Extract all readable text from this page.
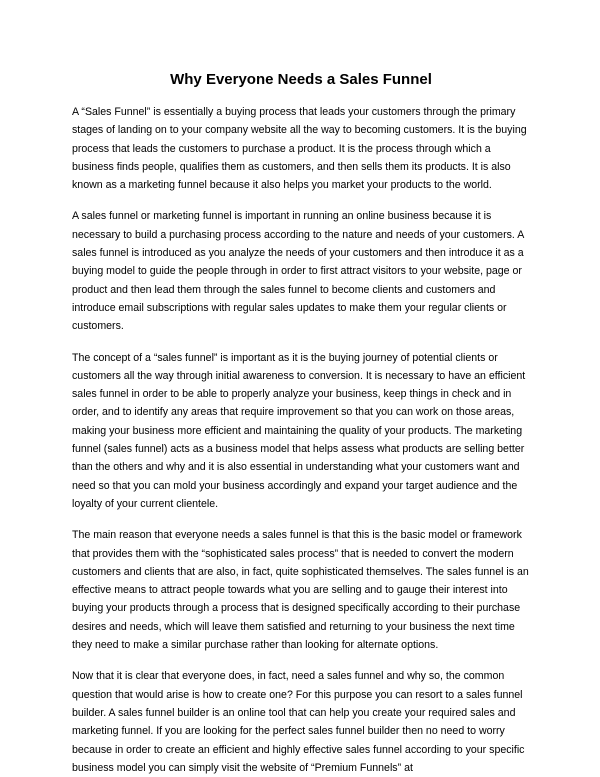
Why Everyone Needs a Sales Funnel

A “Sales Funnel” is essentially a buying process that leads your customers through the primary stages of landing on to your company website all the way to becoming customers. It is the buying process that leads the customers to purchase a product. It is the process through which a business finds people, qualifies them as customers, and then sells them its products. It is also known as a marketing funnel because it also helps you market your products to the world.

A sales funnel or marketing funnel is important in running an online business because it is necessary to build a purchasing process according to the nature and needs of your customers. A sales funnel is introduced as you analyze the needs of your customers and then introduce it as a buying model to guide the people through in order to first attract visitors to your website, page or product and then lead them through the sales funnel to become clients and customers and introduce email subscriptions with regular sales updates to make them your regular clients or customers.

The concept of a “sales funnel” is important as it is the buying journey of potential clients or customers all the way through initial awareness to conversion. It is necessary to have an efficient sales funnel in order to be able to properly analyze your business, keep things in check and in order, and to identify any areas that require improvement so that you can work on those areas, making your business more efficient and maintaining the quality of your products. The marketing funnel (sales funnel) acts as a business model that helps assess what products are selling better than the others and why and it is also essential in understanding what your customers want and need so that you can mold your business accordingly and expand your target audience and the loyalty of your current clientele.

The main reason that everyone needs a sales funnel is that this is the basic model or framework that provides them with the “sophisticated sales process” that is needed to convert the modern customers and clients that are also, in fact, quite sophisticated themselves. The sales funnel is an effective means to attract people towards what you are selling and to gauge their interest into buying your products through a process that is designed specifically according to their purchase desires and needs, which will leave them satisfied and returning to your business the next time they need to make a similar purchase rather than looking for alternate options.

Now that it is clear that everyone does, in fact, need a sales funnel and why so, the common question that would arise is how to create one? For this purpose you can resort to a sales funnel builder. A sales funnel builder is an online tool that can help you create your required sales and marketing funnel. If you are looking for the perfect sales funnel builder then no need to worry because in order to create an efficient and highly effective sales funnel according to your specific business model you can simply visit the website of “Premium Funnels” at
